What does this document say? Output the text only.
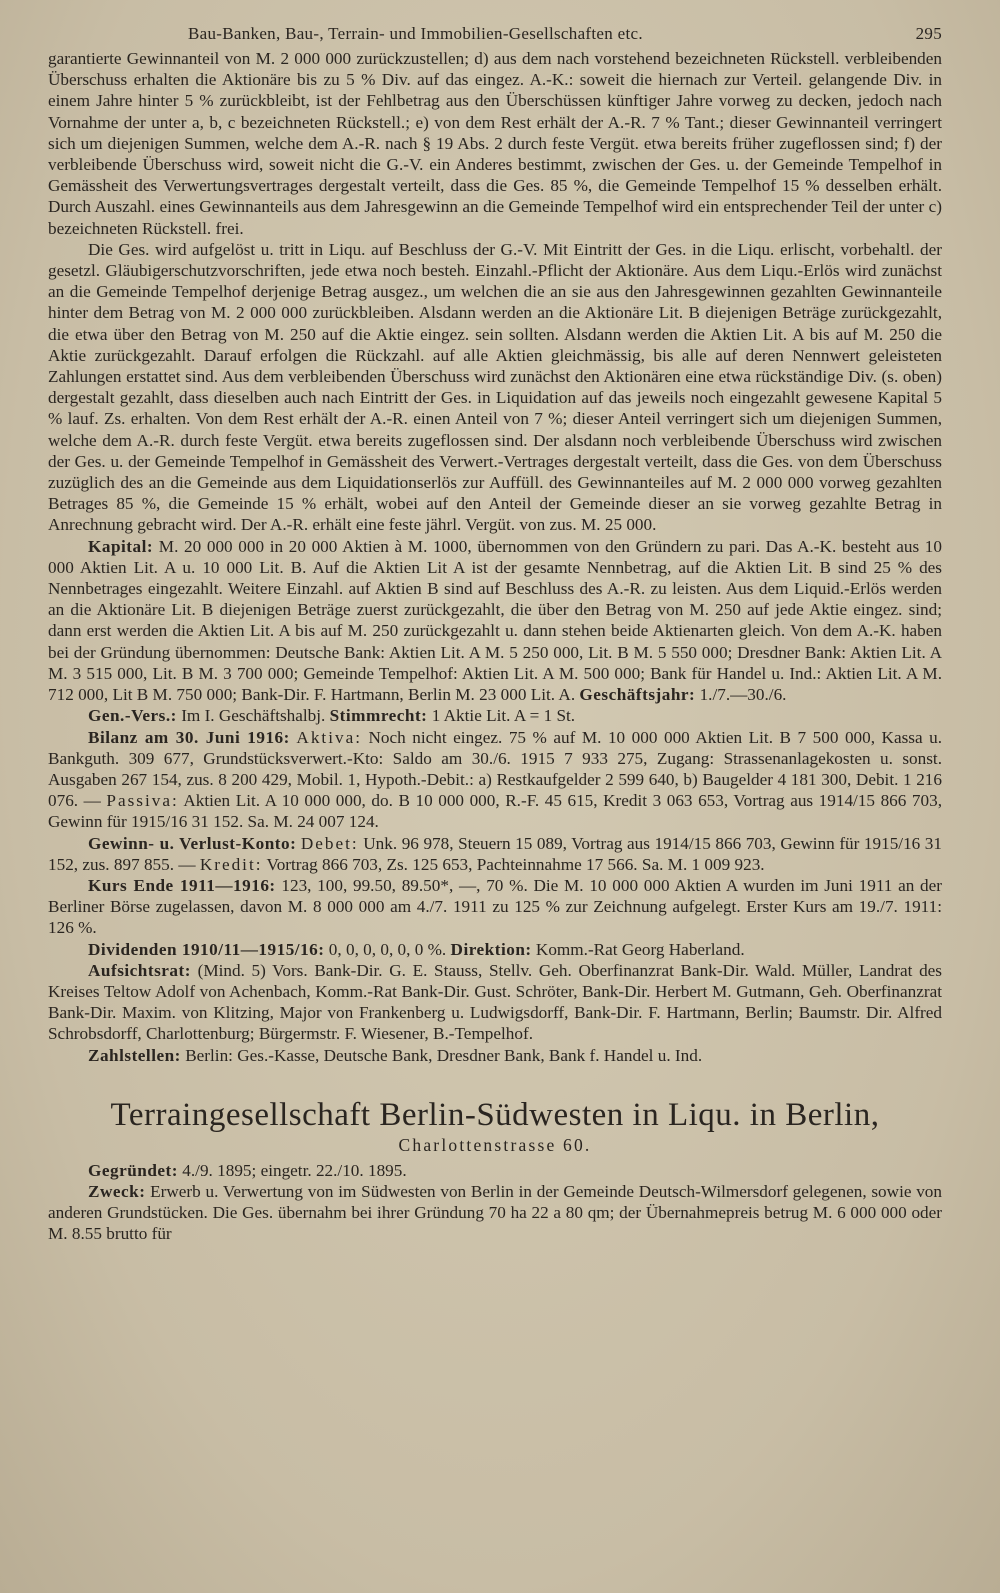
Bau-Banken, Bau-, Terrain- und Immobilien-Gesellschaften etc.	295

garantierte Gewinnanteil von M. 2 000 000 zurückzustellen; d) aus dem nach vorstehend bezeichneten Rückstell. verbleibenden Überschuss erhalten die Aktionäre bis zu 5 % Div. auf das eingez. A.-K.: soweit die hiernach zur Verteil. gelangende Div. in einem Jahre hinter 5 % zurückbleibt, ist der Fehlbetrag aus den Überschüssen künftiger Jahre vorweg zu decken, jedoch nach Vornahme der unter a, b, c bezeichneten Rückstell.; e) von dem Rest erhält der A.-R. 7 % Tant.; dieser Gewinnanteil verringert sich um diejenigen Summen, welche dem A.-R. nach § 19 Abs. 2 durch feste Vergüt. etwa bereits früher zugeflossen sind; f) der verbleibende Überschuss wird, soweit nicht die G.-V. ein Anderes bestimmt, zwischen der Ges. u. der Gemeinde Tempelhof in Gemässheit des Verwertungsvertrages dergestalt verteilt, dass die Ges. 85 %, die Gemeinde Tempelhof 15 % desselben erhält. Durch Auszahl. eines Gewinnanteils aus dem Jahresgewinn an die Gemeinde Tempelhof wird ein entsprechender Teil der unter c) bezeichneten Rückstell. frei.

Die Ges. wird aufgelöst u. tritt in Liqu. auf Beschluss der G.-V. Mit Eintritt der Ges. in die Liqu. erlischt, vorbehaltl. der gesetzl. Gläubigerschutzvorschriften, jede etwa noch besteh. Einzahl.-Pflicht der Aktionäre. Aus dem Liqu.-Erlös wird zunächst an die Gemeinde Tempelhof derjenige Betrag ausgez., um welchen die an sie aus den Jahresgewinnen gezahlten Gewinnanteile hinter dem Betrag von M. 2 000 000 zurückbleiben. Alsdann werden an die Aktionäre Lit. B diejenigen Beträge zurückgezahlt, die etwa über den Betrag von M. 250 auf die Aktie eingez. sein sollten. Alsdann werden die Aktien Lit. A bis auf M. 250 die Aktie zurückgezahlt. Darauf erfolgen die Rückzahl. auf alle Aktien gleichmässig, bis alle auf deren Nennwert geleisteten Zahlungen erstattet sind. Aus dem verbleibenden Überschuss wird zunächst den Aktionären eine etwa rückständige Div. (s. oben) dergestalt gezahlt, dass dieselben auch nach Eintritt der Ges. in Liquidation auf das jeweils noch eingezahlt gewesene Kapital 5 % lauf. Zs. erhalten. Von dem Rest erhält der A.-R. einen Anteil von 7 %; dieser Anteil verringert sich um diejenigen Summen, welche dem A.-R. durch feste Vergüt. etwa bereits zugeflossen sind. Der alsdann noch verbleibende Überschuss wird zwischen der Ges. u. der Gemeinde Tempelhof in Gemässheit des Verwert.-Vertrages dergestalt verteilt, dass die Ges. von dem Überschuss zuzüglich des an die Gemeinde aus dem Liquidationserlös zur Auffüll. des Gewinnanteiles auf M. 2 000 000 vorweg gezahlten Betrages 85 %, die Gemeinde 15 % erhält, wobei auf den Anteil der Gemeinde dieser an sie vorweg gezahlte Betrag in Anrechnung gebracht wird. Der A.-R. erhält eine feste jährl. Vergüt. von zus. M. 25 000.

Kapital: M. 20 000 000 in 20 000 Aktien à M. 1000, übernommen von den Gründern zu pari. Das A.-K. besteht aus 10 000 Aktien Lit. A u. 10 000 Lit. B. Auf die Aktien Lit A ist der gesamte Nennbetrag, auf die Aktien Lit. B sind 25 % des Nennbetrages eingezahlt. Weitere Einzahl. auf Aktien B sind auf Beschluss des A.-R. zu leisten. Aus dem Liquid.-Erlös werden an die Aktionäre Lit. B diejenigen Beträge zuerst zurückgezahlt, die über den Betrag von M. 250 auf jede Aktie eingez. sind; dann erst werden die Aktien Lit. A bis auf M. 250 zurückgezahlt u. dann stehen beide Aktienarten gleich. Von dem A.-K. haben bei der Gründung übernommen: Deutsche Bank: Aktien Lit. A M. 5 250 000, Lit. B M. 5 550 000; Dresdner Bank: Aktien Lit. A M. 3 515 000, Lit. B M. 3 700 000; Gemeinde Tempelhof: Aktien Lit. A M. 500 000; Bank für Handel u. Ind.: Aktien Lit. A M. 712 000, Lit B M. 750 000; Bank-Dir. F. Hartmann, Berlin M. 23 000 Lit. A. Geschäftsjahr: 1./7.—30./6.

Gen.-Vers.: Im I. Geschäftshalbj. Stimmrecht: 1 Aktie Lit. A = 1 St.

Bilanz am 30. Juni 1916: Aktiva: Noch nicht eingez. 75 % auf M. 10 000 000 Aktien Lit. B 7 500 000, Kassa u. Bankguth. 309 677, Grundstücksverwert.-Kto: Saldo am 30./6. 1915 7 933 275, Zugang: Strassenanlagekosten u. sonst. Ausgaben 267 154, zus. 8 200 429, Mobil. 1, Hypoth.-Debit.: a) Restkaufgelder 2 599 640, b) Baugelder 4 181 300, Debit. 1 216 076. — Passiva: Aktien Lit. A 10 000 000, do. B 10 000 000, R.-F. 45 615, Kredit 3 063 653, Vortrag aus 1914/15 866 703, Gewinn für 1915/16 31 152. Sa. M. 24 007 124.

Gewinn- u. Verlust-Konto: Debet: Unk. 96 978, Steuern 15 089, Vortrag aus 1914/15 866 703, Gewinn für 1915/16 31 152, zus. 897 855. — Kredit: Vortrag 866 703, Zs. 125 653, Pachteinnahme 17 566. Sa. M. 1 009 923.

Kurs Ende 1911—1916: 123, 100, 99.50, 89.50*, —, 70 %. Die M. 10 000 000 Aktien A wurden im Juni 1911 an der Berliner Börse zugelassen, davon M. 8 000 000 am 4./7. 1911 zu 125 % zur Zeichnung aufgelegt. Erster Kurs am 19./7. 1911: 126 %.

Dividenden 1910/11—1915/16: 0, 0, 0, 0, 0, 0 %. Direktion: Komm.-Rat Georg Haberland.

Aufsichtsrat: (Mind. 5) Vors. Bank-Dir. G. E. Stauss, Stellv. Geh. Oberfinanzrat Bank-Dir. Wald. Müller, Landrat des Kreises Teltow Adolf von Achenbach, Komm.-Rat Bank-Dir. Gust. Schröter, Bank-Dir. Herbert M. Gutmann, Geh. Oberfinanzrat Bank-Dir. Maxim. von Klitzing, Major von Frankenberg u. Ludwigsdorff, Bank-Dir. F. Hartmann, Berlin; Baumstr. Dir. Alfred Schrobsdorff, Charlottenburg; Bürgermstr. F. Wiesener, B.-Tempelhof.

Zahlstellen: Berlin: Ges.-Kasse, Deutsche Bank, Dresdner Bank, Bank f. Handel u. Ind.

Terraingesellschaft Berlin-Südwesten in Liqu. in Berlin,
Charlottenstrasse 60.

Gegründet: 4./9. 1895; eingetr. 22./10. 1895.

Zweck: Erwerb u. Verwertung von im Südwesten von Berlin in der Gemeinde Deutsch-Wilmersdorf gelegenen, sowie von anderen Grundstücken. Die Ges. übernahm bei ihrer Gründung 70 ha 22 a 80 qm; der Übernahmepreis betrug M. 6 000 000 oder M. 8.55 brutto für
